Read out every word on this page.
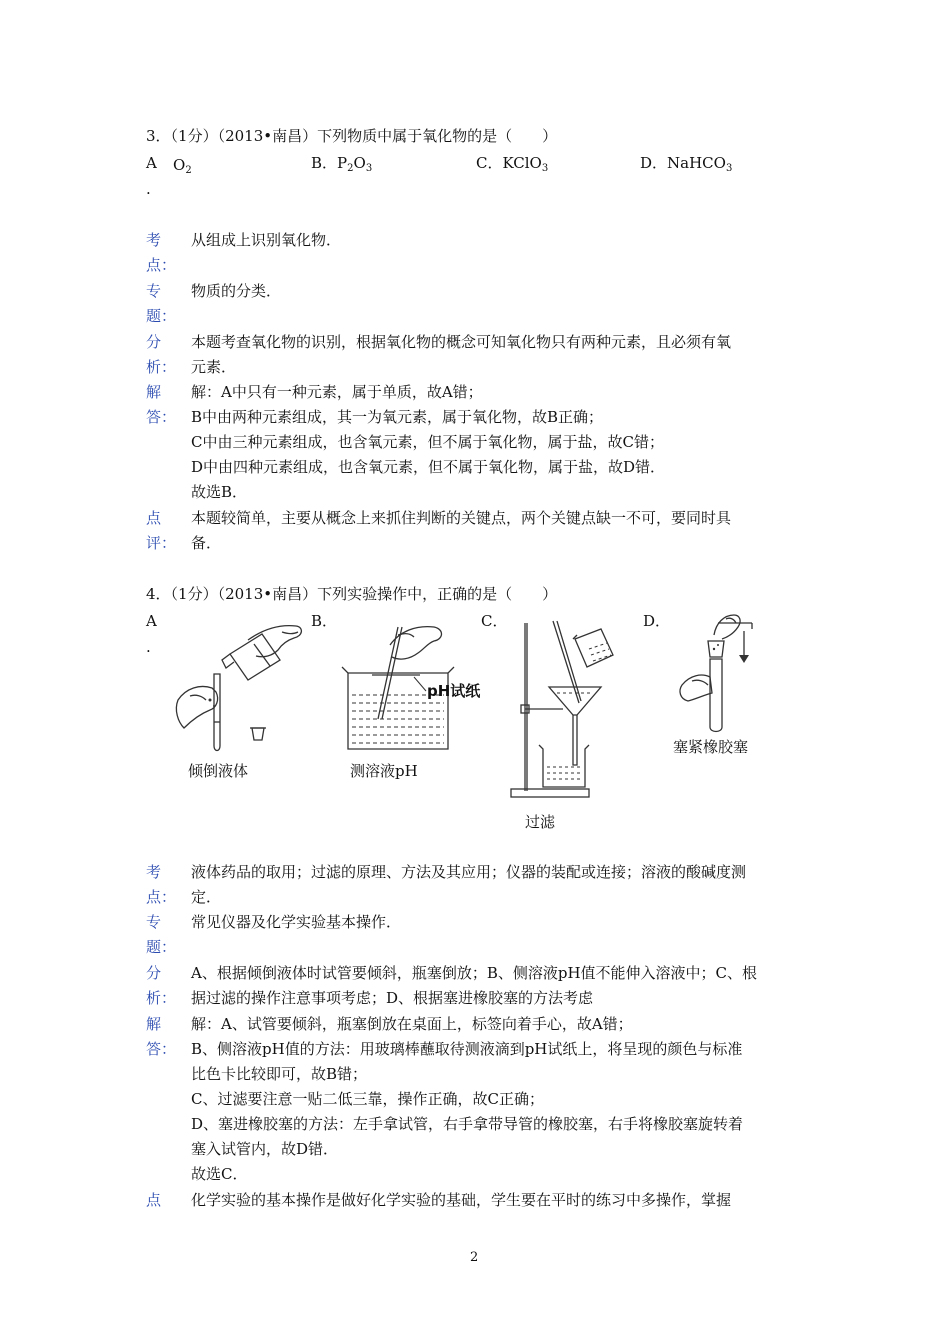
3．（1分）（2013•南昌）下列物质中属于氧化物的是（　　）
A
.
$O_2$	B．$P_2O_3$	C．KClO$_3$	D．NaHCO$_3$
考
点：
从组成上识别氧化物．
专
题：
物质的分类．
分
析：
本题考查氧化物的识别，根据氧化物的概念可知氧化物只有两种元素，且必须有氧
元素．
解
答：
解：A中只有一种元素，属于单质，故A错；
B中由两种元素组成，其一为氧元素，属于氧化物，故B正确；
C中由三种元素组成，也含氧元素，但不属于氧化物，属于盐，故C错；
D中由四种元素组成，也含氧元素，但不属于氧化物，属于盐，故D错．
故选B．
点
评：
本题较简单，主要从概念上来抓住判断的关键点，两个关键点缺一不可，要同时具
备．
4．（1分）（2013•南昌）下列实验操作中，正确的是（　　）
A
.
B．	C．	D．
倾倒液体
pH试纸
测溶液pH
过滤
塞紧橡胶塞
考
点：
液体药品的取用；过滤的原理、方法及其应用；仪器的装配或连接；溶液的酸碱度测
定．
专
题：
常见仪器及化学实验基本操作．
分
析：
A、根据倾倒液体时试管要倾斜，瓶塞倒放；B、侧溶液pH值不能伸入溶液中；C、根
据过滤的操作注意事项考虑；D、根据塞进橡胶塞的方法考虑
解
答：
解：A、试管要倾斜，瓶塞倒放在桌面上，标签向着手心，故A错；
B、侧溶液pH值的方法：用玻璃棒蘸取待测液滴到pH试纸上，将呈现的颜色与标准
比色卡比较即可，故B错；
C、过滤要注意一贴二低三靠，操作正确，故C正确；
D、塞进橡胶塞的方法：左手拿试管，右手拿带导管的橡胶塞，右手将橡胶塞旋转着
塞入试管内，故D错．
故选C．
点 化学实验的基本操作是做好化学实验的基础，学生要在平时的练习中多操作，掌握
2
